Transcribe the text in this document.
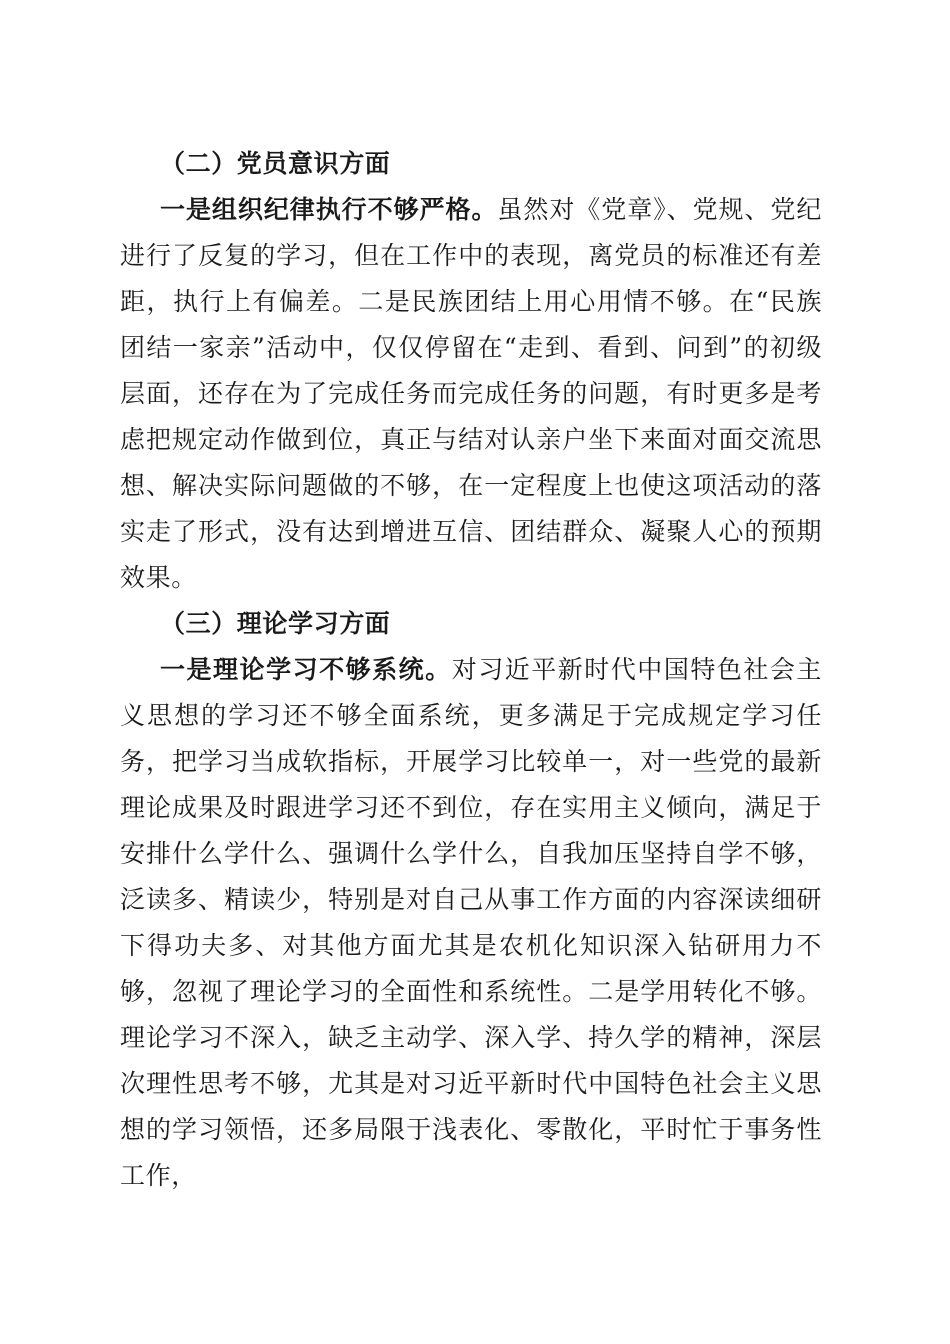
（二）党员意识方面

一是组织纪律执行不够严格。虽然对《党章》、党规、党纪进行了反复的学习，但在工作中的表现，离党员的标准还有差距，执行上有偏差。二是民族团结上用心用情不够。在“民族团结一家亲”活动中，仅仅停留在“走到、看到、问到”的初级层面，还存在为了完成任务而完成任务的问题，有时更多是考虑把规定动作做到位，真正与结对认亲户坐下来面对面交流思想、解决实际问题做的不够，在一定程度上也使这项活动的落实走了形式，没有达到增进互信、团结群众、凝聚人心的预期效果。

（三）理论学习方面

一是理论学习不够系统。对习近平新时代中国特色社会主义思想的学习还不够全面系统，更多满足于完成规定学习任务，把学习当成软指标，开展学习比较单一，对一些党的最新理论成果及时跟进学习还不到位，存在实用主义倾向，满足于安排什么学什么、强调什么学什么，自我加压坚持自学不够，泛读多、精读少，特别是对自己从事工作方面的内容深读细研下得功夫多、对其他方面尤其是农机化知识深入钻研用力不够，忽视了理论学习的全面性和系统性。二是学用转化不够。理论学习不深入，缺乏主动学、深入学、持久学的精神，深层次理性思考不够，尤其是对习近平新时代中国特色社会主义思想的学习领悟，还多局限于浅表化、零散化，平时忙于事务性工作，
